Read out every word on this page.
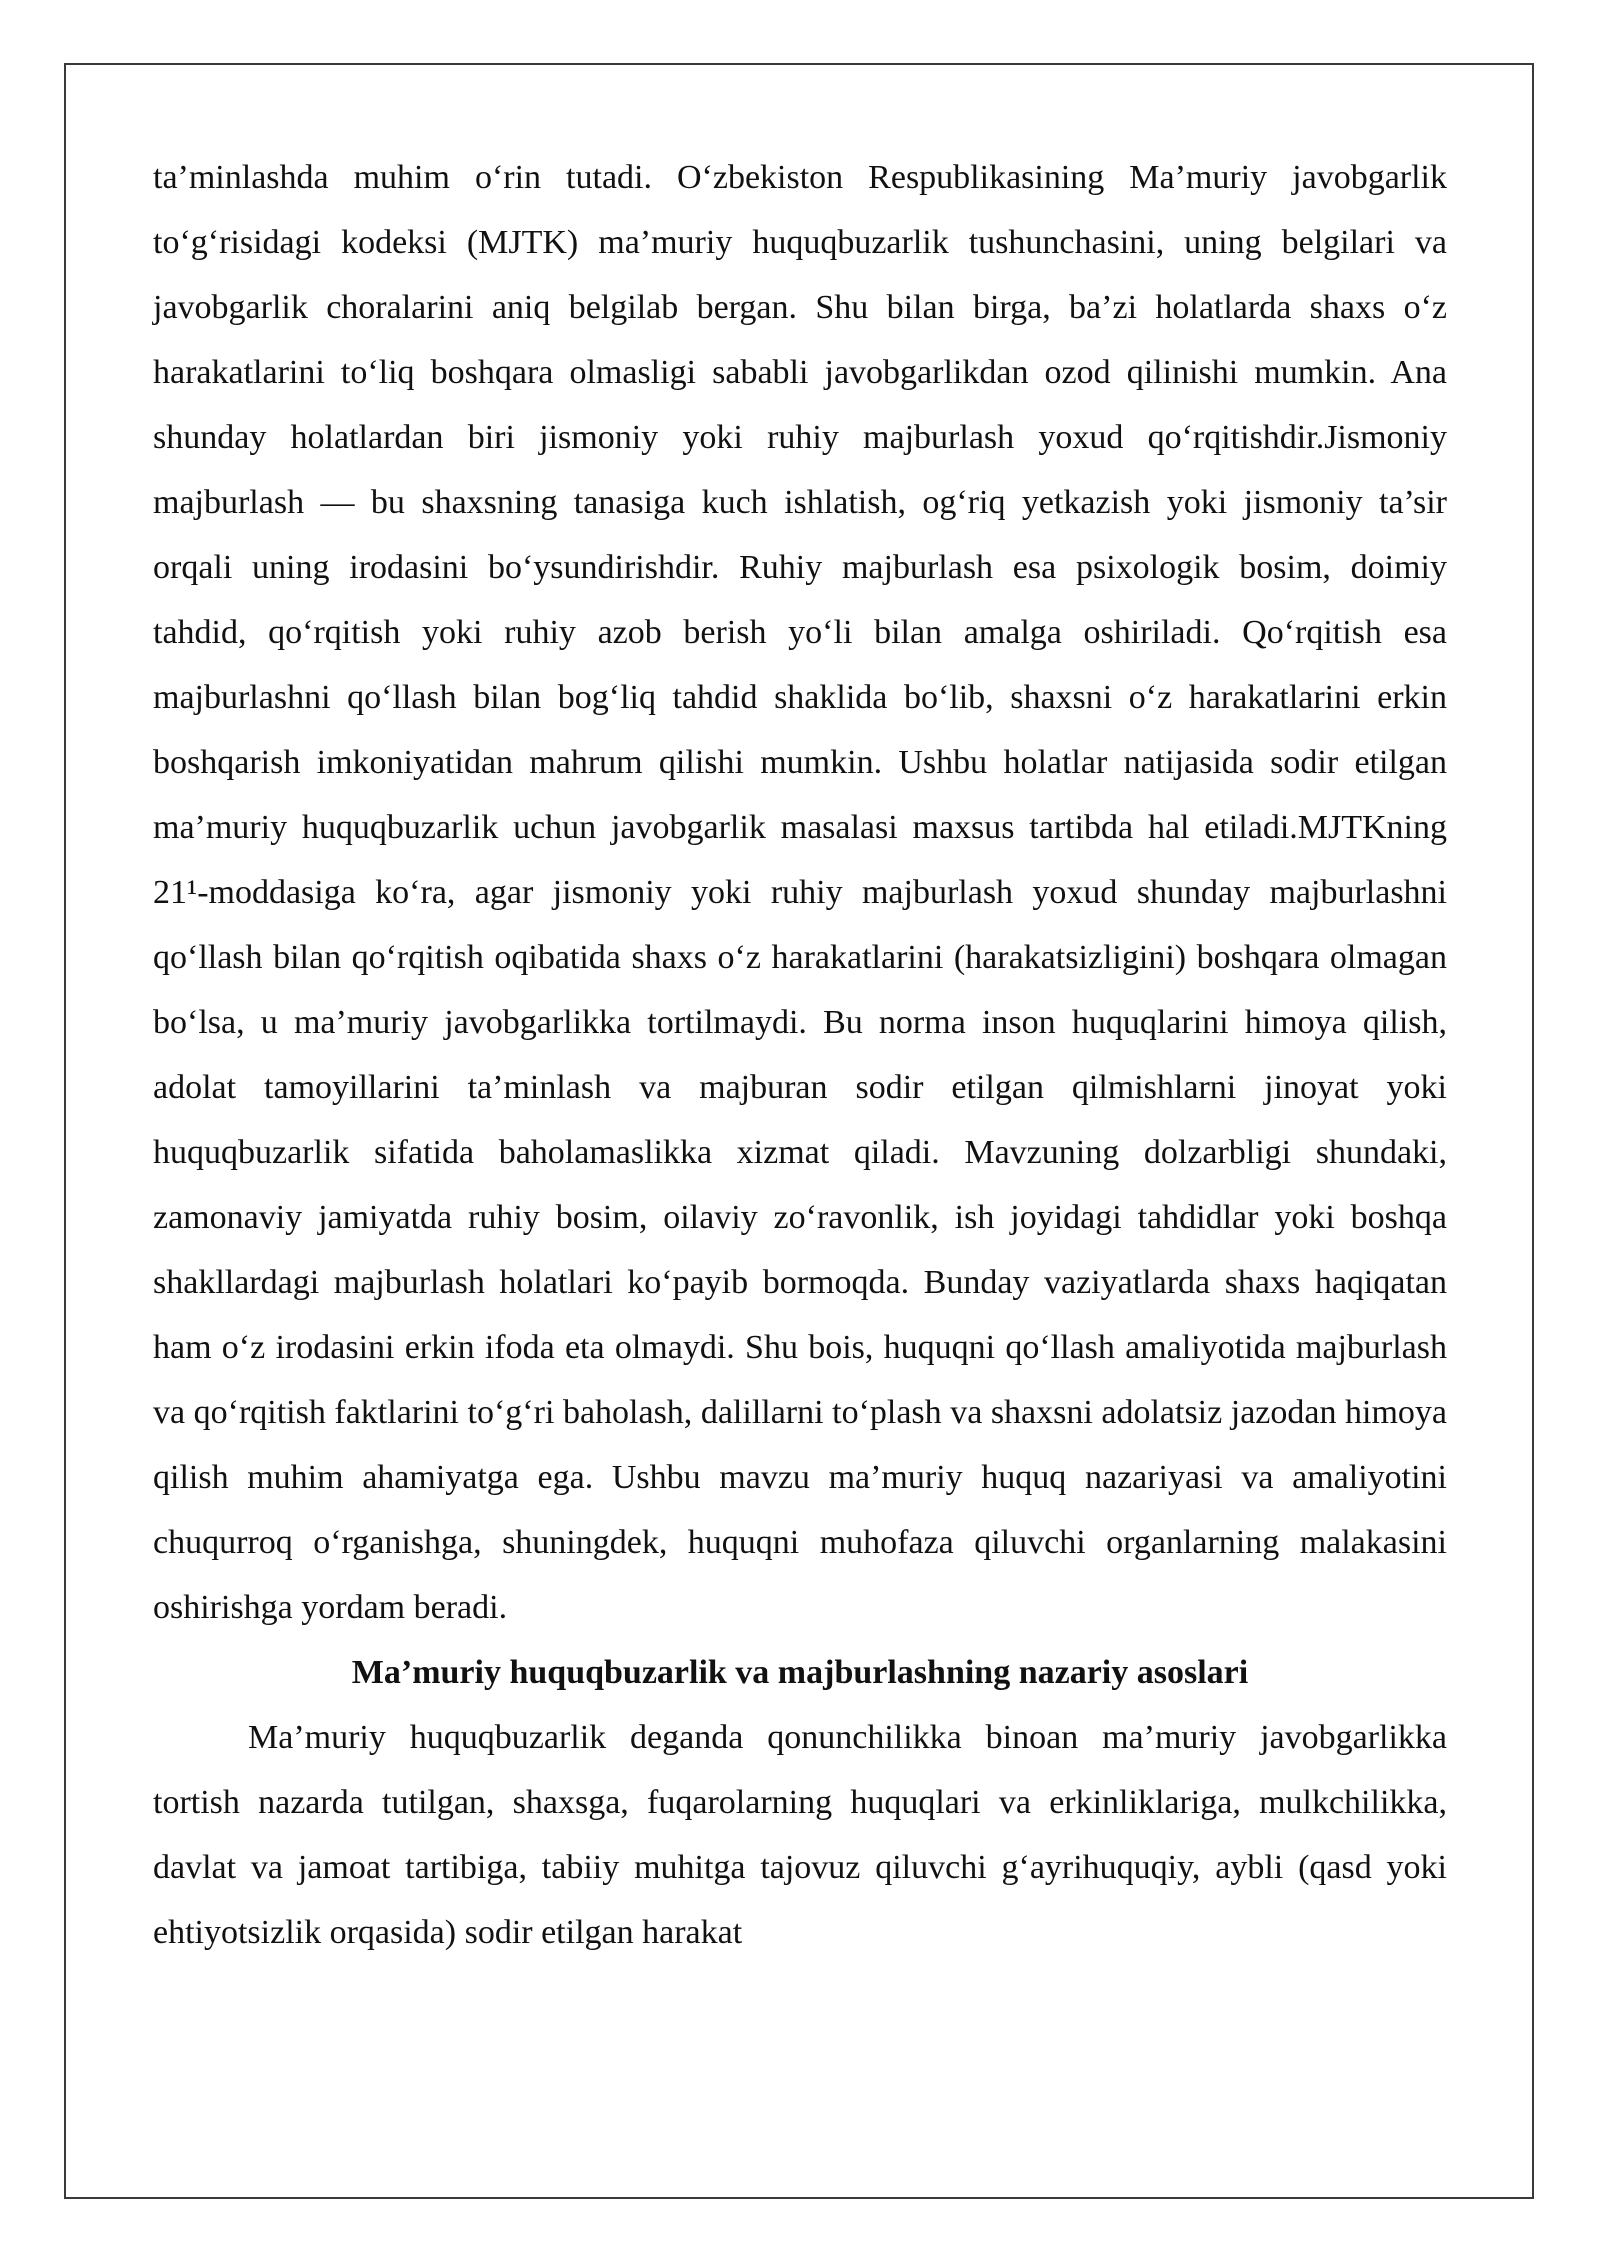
ta’minlashda muhim o‘rin tutadi. O‘zbekiston Respublikasining Ma’muriy javobgarlik to‘g‘risidagi kodeksi (MJTK) ma’muriy huquqbuzarlik tushunchasini, uning belgilari va javobgarlik choralarini aniq belgilab bergan. Shu bilan birga, ba’zi holatlarda shaxs o‘z harakatlarini to‘liq boshqara olmasligi sababli javobgarlikdan ozod qilinishi mumkin. Ana shunday holatlardan biri jismoniy yoki ruhiy majburlash yoxud qo‘rqitishdir.Jismoniy majburlash — bu shaxsning tanasiga kuch ishlatish, og‘riq yetkazish yoki jismoniy ta’sir orqali uning irodasini bo‘ysundirishdir. Ruhiy majburlash esa psixologik bosim, doimiy tahdid, qo‘rqitish yoki ruhiy azob berish yo‘li bilan amalga oshiriladi. Qo‘rqitish esa majburlashni qo‘llash bilan bog‘liq tahdid shaklida bo‘lib, shaxsni o‘z harakatlarini erkin boshqarish imkoniyatidan mahrum qilishi mumkin. Ushbu holatlar natijasida sodir etilgan ma’muriy huquqbuzarlik uchun javobgarlik masalasi maxsus tartibda hal etiladi.MJTKning 21¹-moddasiga ko‘ra, agar jismoniy yoki ruhiy majburlash yoxud shunday majburlashni qo‘llash bilan qo‘rqitish oqibatida shaxs o‘z harakatlarini (harakatsizligini) boshqara olmagan bo‘lsa, u ma’muriy javobgarlikka tortilmaydi. Bu norma inson huquqlarini himoya qilish, adolat tamoyillarini ta’minlash va majburan sodir etilgan qilmishlarni jinoyat yoki huquqbuzarlik sifatida baholamaslikka xizmat qiladi. Mavzuning dolzarbligi shundaki, zamonaviy jamiyatda ruhiy bosim, oilaviy zo‘ravonlik, ish joyidagi tahdidlar yoki boshqa shakllardagi majburlash holatlari ko‘payib bormoqda. Bunday vaziyatlarda shaxs haqiqatan ham o‘z irodasini erkin ifoda eta olmaydi. Shu bois, huquqni qo‘llash amaliyotida majburlash va qo‘rqitish faktlarini to‘g‘ri baholash, dalillarni to‘plash va shaxsni adolatsiz jazodan himoya qilish muhim ahamiyatga ega. Ushbu mavzu ma’muriy huquq nazariyasi va amaliyotini chuqurroq o‘rganishga, shuningdek, huquqni muhofaza qiluvchi organlarning malakasini oshirishga yordam beradi.

Ma’muriy huquqbuzarlik va majburlashning nazariy asoslari

Ma’muriy huquqbuzarlik deganda qonunchilikka binoan ma’muriy javobgarlikka tortish nazarda tutilgan, shaxsga, fuqarolarning huquqlari va erkinliklariga, mulkchilikka, davlat va jamoat tartibiga, tabiiy muhitga tajovuz qiluvchi g‘ayrihuquqiy, aybli (qasd yoki ehtiyotsizlik orqasida) sodir etilgan harakat
